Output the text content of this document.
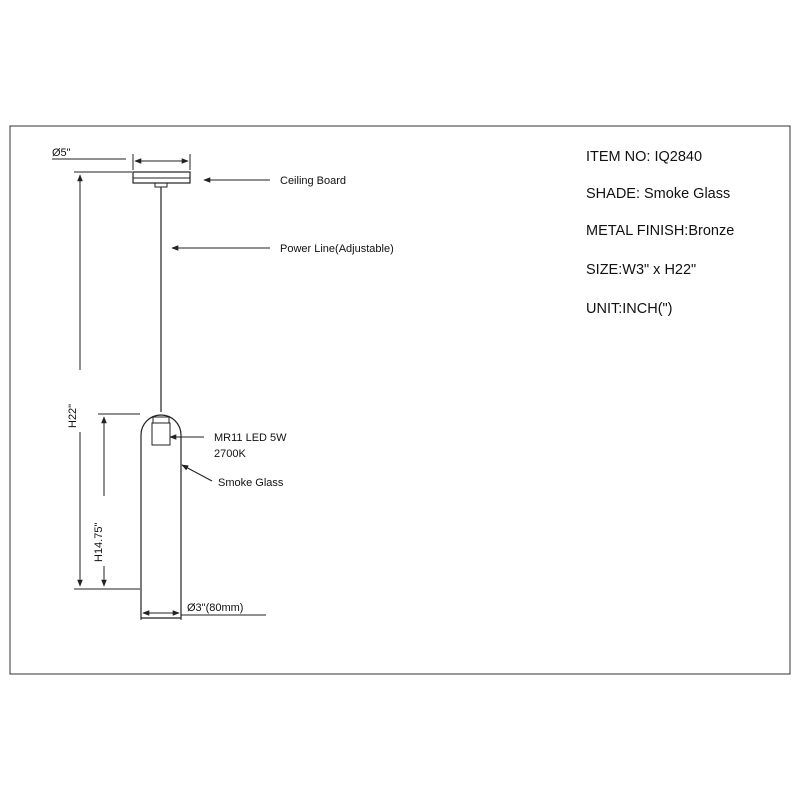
Ø5"
H22"
H14.75"
Ø3"(80mm)
Ceiling Board
Power Line(Adjustable)
MR11 LED 5W
2700K
Smoke Glass
ITEM NO: IQ2840
SHADE: Smoke Glass
METAL FINISH:Bronze
SIZE:W3" x H22"
UNIT:INCH(")
